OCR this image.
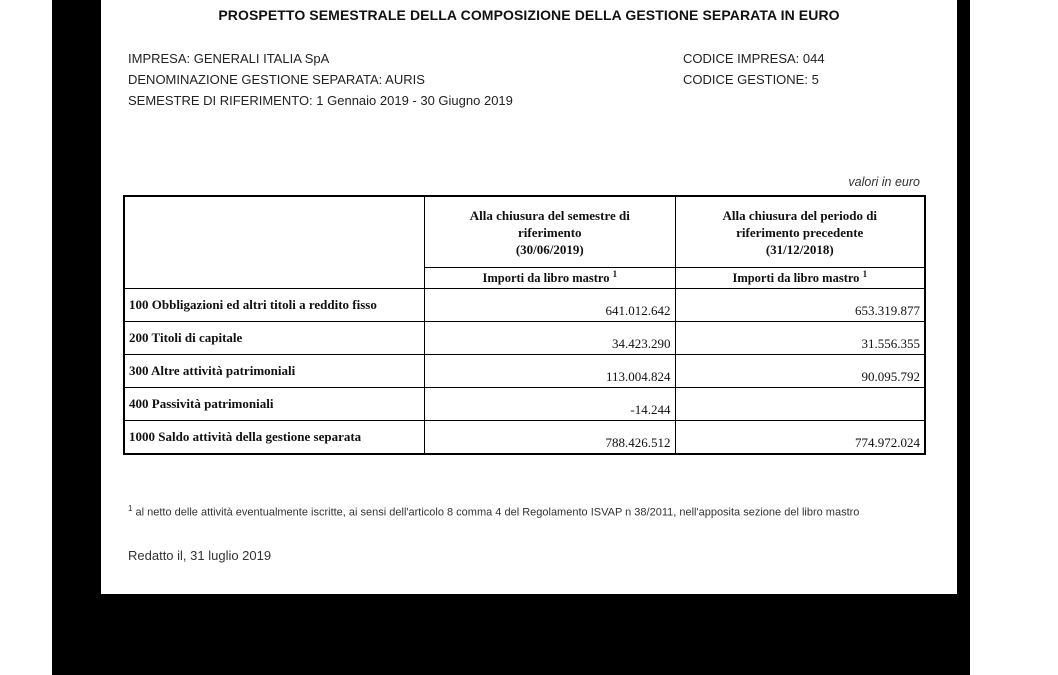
PROSPETTO SEMESTRALE DELLA COMPOSIZIONE DELLA GESTIONE SEPARATA IN EURO
IMPRESA: GENERALI ITALIA SpA
DENOMINAZIONE GESTIONE SEPARATA: AURIS
SEMESTRE DI RIFERIMENTO: 1 Gennaio 2019 - 30 Giugno 2019
CODICE IMPRESA: 044
CODICE GESTIONE: 5
valori in euro
	Alla chiusura del semestre di
riferimento
(30/06/2019)	Alla chiusura del periodo di
riferimento precedente
(31/12/2018)
	Importi da libro mastro $^1$	Importi da libro mastro $^1$
100 Obbligazioni ed altri titoli a reddito fisso	641.012.642	653.319.877
200 Titoli di capitale	34.423.290	31.556.355
300 Altre attività patrimoniali	113.004.824	90.095.792
400 Passività patrimoniali	-14.244	
1000 Saldo attività della gestione separata	788.426.512	774.972.024
$^1$ al netto delle attività eventualmente iscritte, ai sensi dell'articolo 8 comma 4 del Regolamento ISVAP n 38/2011, nell'apposita sezione del libro mastro
Redatto il, 31 luglio 2019
